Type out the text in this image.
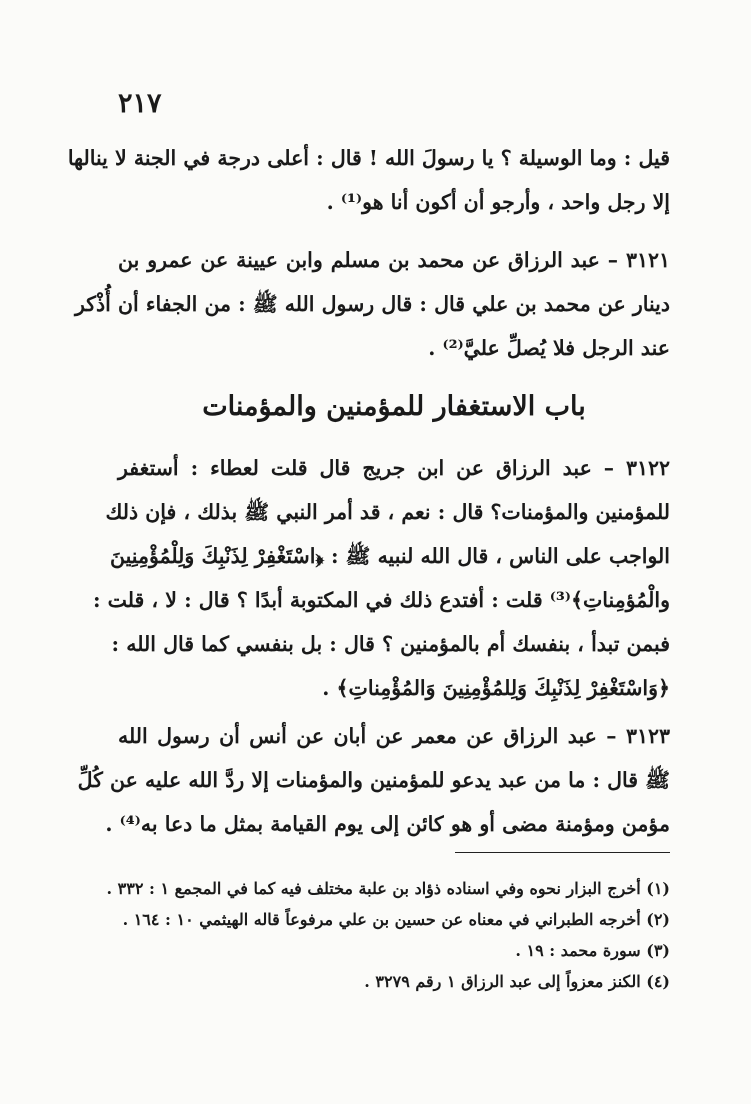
٢١٧
قيل : وما الوسيلة ؟ يا رسولَ الله ! قال : أعلى درجة في الجنة لا ينالها
إلا رجل واحد ، وأرجو أن أكون أنا هو⁽¹⁾ .
٣١٢١ – عبد الرزاق عن محمد بن مسلم وابن عيينة عن عمرو بن
دينار عن محمد بن علي قال : قال رسول الله ﷺ : من الجفاء أن أُذْكر
عند الرجل فلا يُصلِّ عليَّ⁽²⁾ .
باب الاستغفار للمؤمنين والمؤمنات
٣١٢٢ – عبد الرزاق عن ابن جريج قال قلت لعطاء : أستغفر
للمؤمنين والمؤمنات؟ قال : نعم ، قد أمر النبي ﷺ بذلك ، فإن ذلك
الواجب على الناس ، قال الله لنبيه ﷺ : ﴿اسْتَغْفِرْ لِذَنْبِكَ وَلِلْمُؤْمِنِينَ
والْمُؤمِناتِ﴾⁽³⁾ قلت : أفتدع ذلك في المكتوبة أبدًا ؟ قال : لا ، قلت :
فبمن تبدأ ، بنفسك أم بالمؤمنين ؟ قال : بل بنفسي كما قال الله :
﴿وَاسْتَغْفِرْ لِذَنْبِكَ وَلِلمُؤْمِنِينَ وَالمُؤْمِناتِ﴾ .
٣١٢٣ – عبد الرزاق عن معمر عن أبان عن أنس أن رسول الله
ﷺ قال : ما من عبد يدعو للمؤمنين والمؤمنات إلا ردَّ الله عليه عن كُلِّ
مؤمن ومؤمنة مضى أو هو كائن إلى يوم القيامة بمثل ما دعا به⁽⁴⁾ .
(١) أخرج البزار نحوه وفي اسناده ذؤاد بن علبة مختلف فيه كما في المجمع ١ : ٣٣٢ .
(٢) أخرجه الطبراني في معناه عن حسين بن علي مرفوعاً قاله الهيثمي ١٠ : ١٦٤ .
(٣) سورة محمد : ١٩ .
(٤) الكنز معزواً إلى عبد الرزاق ١ رقم ٣٢٧٩ .
